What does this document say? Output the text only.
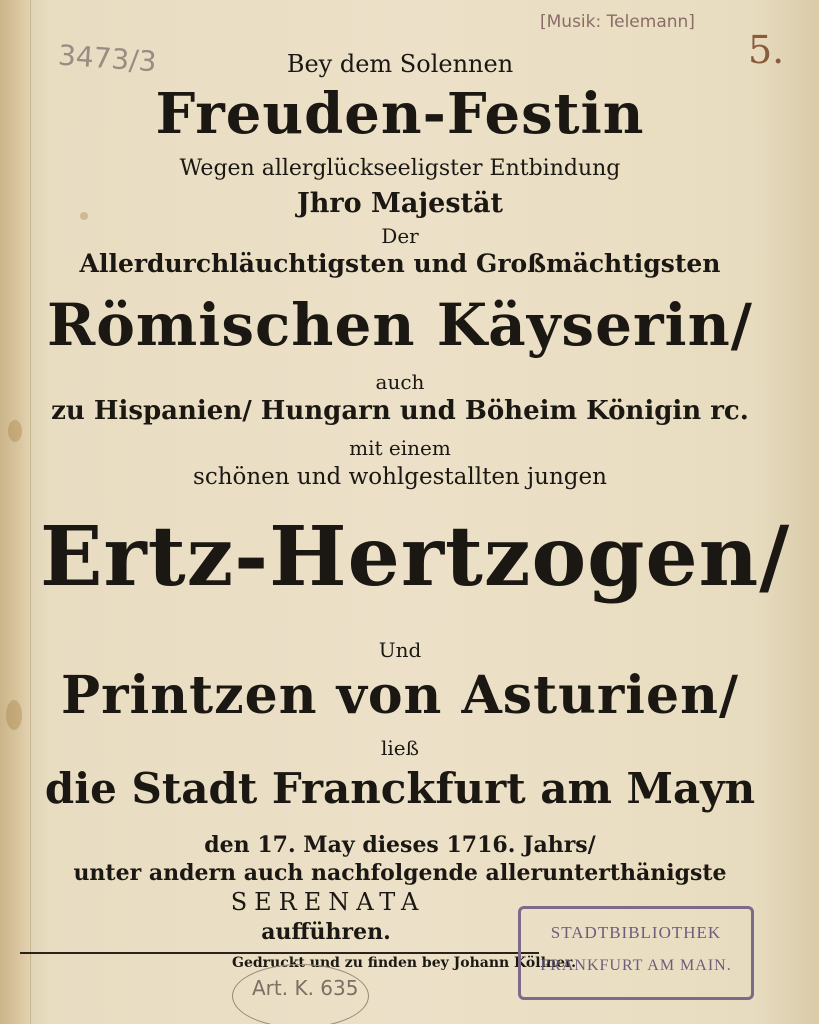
3473/3
[Musik: Telemann]
5.
Bey dem Solennen
Freuden-Festin
Wegen allerglückseeligster Entbindung
Jhro Majestät
Der
Allerdurchläuchtigsten und Großmächtigsten
Römischen Käyserin/
auch
zu Hispanien/ Hungarn und Böheim Königin rc.
mit einem
schönen und wohlgestallten jungen
Ertz-Hertzogen/
Und
Printzen von Asturien/
ließ
die Stadt Franckfurt am Mayn
den 17. May dieses 1716. Jahrs/
unter andern auch nachfolgende allerunterthänigste
SERENATA
aufführen.
Gedruckt und zu finden bey Johann Köllner.
STADTBIBLIOTHEK
FRANKFURT AM MAIN.
Art. K. 635
